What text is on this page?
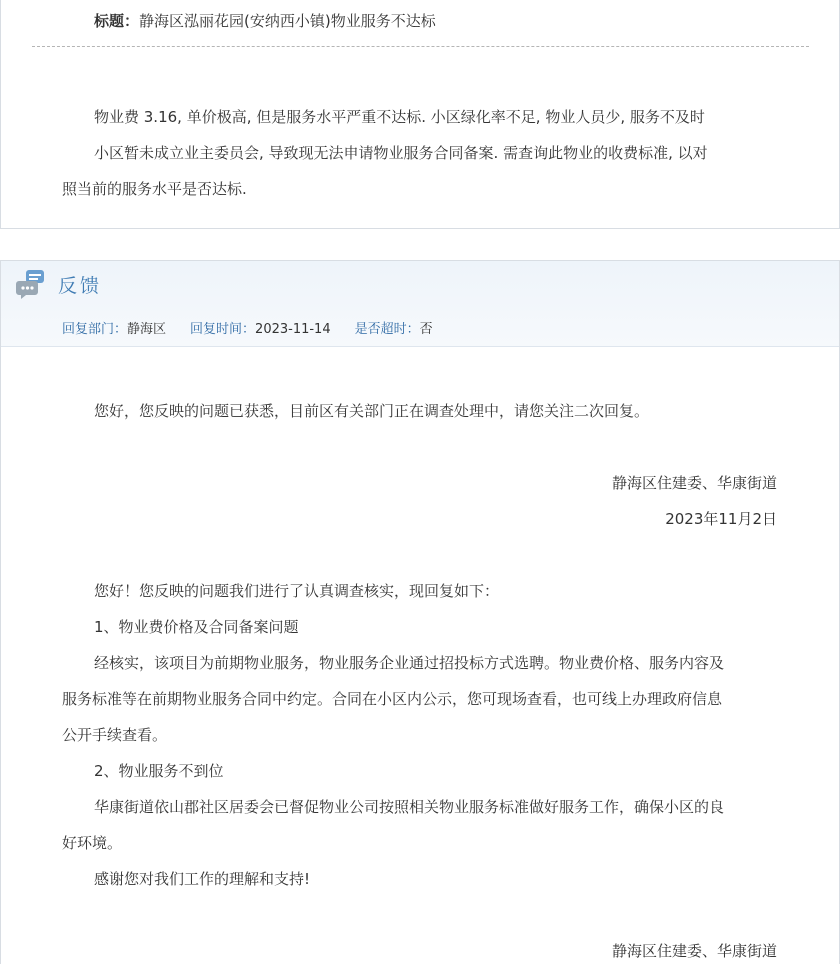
标题：静海区泓丽花园(安纳西小镇)物业服务不达标
物业费 3.16, 单价极高, 但是服务水平严重不达标. 小区绿化率不足, 物业人员少, 服务不及时
小区暂未成立业主委员会, 导致现无法申请物业服务合同备案. 需查询此物业的收费标准, 以对
照当前的服务水平是否达标.
反馈
回复部门：静海区 回复时间：2023-11-14 是否超时：否
您好，您反映的问题已获悉，目前区有关部门正在调查处理中，请您关注二次回复。
静海区住建委、华康街道
2023年11月2日
您好！您反映的问题我们进行了认真调查核实，现回复如下：
1、物业费价格及合同备案问题
经核实，该项目为前期物业服务，物业服务企业通过招投标方式选聘。物业费价格、服务内容及
服务标准等在前期物业服务合同中约定。合同在小区内公示，您可现场查看，也可线上办理政府信息
公开手续查看。
2、物业服务不到位
华康街道依山郡社区居委会已督促物业公司按照相关物业服务标准做好服务工作，确保小区的良
好环境。
感谢您对我们工作的理解和支持!
静海区住建委、华康街道
